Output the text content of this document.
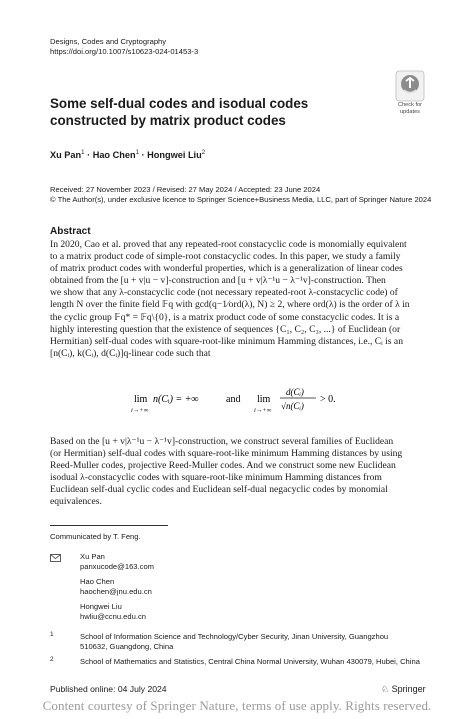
Designs, Codes and Cryptography
https://doi.org/10.1007/s10623-024-01453-3
Check for
updates
Some self-dual codes and isodual codes constructed by matrix product codes
Xu Pan$^1$ · Hao Chen$^1$ · Hongwei Liu$^2$
Received: 27 November 2023 / Revised: 27 May 2024 / Accepted: 23 June 2024
© The Author(s), under exclusive licence to Springer Science+Business Media, LLC, part of Springer Nature 2024
Abstract

In 2020, Cao et al. proved that any repeated-root constacyclic code is monomially equivalent

to a matrix product code of simple-root constacyclic codes. In this paper, we study a family

of matrix product codes with wonderful properties, which is a generalization of linear codes

obtained from the [u + v|u − v]-construction and [u + v|λ⁻¹u − λ⁻¹v]-construction. Then

we show that any λ-constacyclic code (not necessary repeated-root λ-constacyclic code) of

length N over the finite field 𝔽q with gcd(q−1⁄ord(λ), N) ≥ 2, where ord(λ) is the order of λ in

the cyclic group 𝔽q* = 𝔽q\{0}, is a matrix product code of some constacyclic codes. It is a

highly interesting question that the existence of sequences {C₁, C₂, C₃, ...} of Euclidean (or

Hermitian) self-dual codes with square-root-like minimum Hamming distances, i.e., Cᵢ is an

[n(Cᵢ), k(Cᵢ), d(Cᵢ)]q-linear code such that

lim
i→+∞
n(Cᵢ) = +∞	and lim
i→+∞
d(Cᵢ)
√n(Cᵢ)
> 0.
Based on the [u + v|λ⁻¹u − λ⁻¹v]-construction, we construct several families of Euclidean
(or Hermitian) self-dual codes with square-root-like minimum Hamming distances by using
Reed-Muller codes, projective Reed-Muller codes. And we construct some new Euclidean
isodual λ-constacyclic codes with square-root-like minimum Hamming distances from
Euclidean self-dual cyclic codes and Euclidean self-dual negacyclic codes by monomial
equivalences.
Communicated by T. Feng.
Xu Pan
panxucode@163.com
Hao Chen
haochen@jnu.edu.cn
Hongwei Liu
hwliu@ccnu.edu.cn
1	School of Information Science and Technology/Cyber Security, Jinan University, Guangzhou
510632, Guangdong, China
2	School of Mathematics and Statistics, Central China Normal University, Wuhan 430079, Hubei, China
Published online: 04 July 2024	♘ Springer
Content courtesy of Springer Nature, terms of use apply. Rights reserved.
